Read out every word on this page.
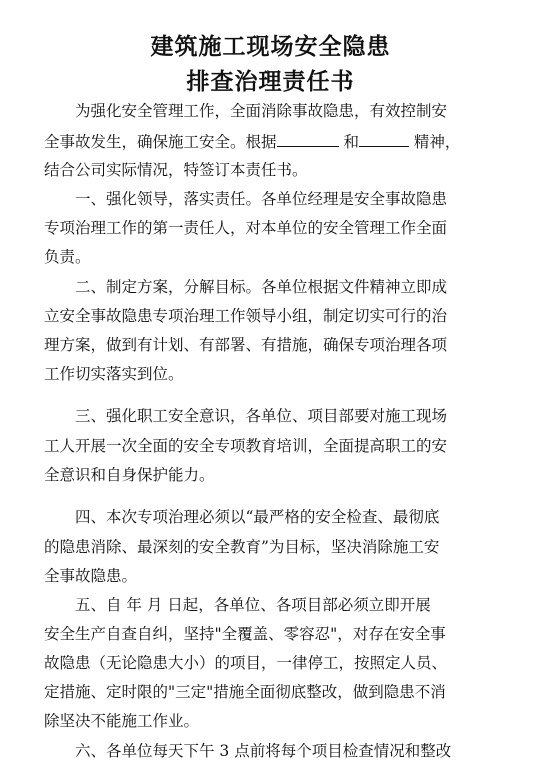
建筑施工现场安全隐患
排查治理责任书
为强化安全管理工作，全面消除事故隐患，有效控制安
全事故发生，确保施工安全。根据	和	精神，
结合公司实际情况，特签订本责任书。
一、强化领导，落实责任。各单位经理是安全事故隐患
专项治理工作的第一责任人，对本单位的安全管理工作全面
负责。
二、制定方案，分解目标。各单位根据文件精神立即成
立安全事故隐患专项治理工作领导小组，制定切实可行的治
理方案，做到有计划、有部署、有措施，确保专项治理各项
工作切实落实到位。
三、强化职工安全意识，各单位、项目部要对施工现场
工人开展一次全面的安全专项教育培训，全面提高职工的安
全意识和自身保护能力。
四、本次专项治理必须以“最严格的安全检查、最彻底
的隐患消除、最深刻的安全教育”为目标，坚决消除施工安
全事故隐患。
五、自 年 月 日起，各单位、各项目部必须立即开展
安全生产自查自纠，坚持"全覆盖、零容忍"，对存在安全事
故隐患（无论隐患大小）的项目，一律停工，按照定人员、
定措施、定时限的"三定"措施全面彻底整改，做到隐患不消
除坚决不能施工作业。
六、各单位每天下午 3 点前将每个项目检查情况和整改
